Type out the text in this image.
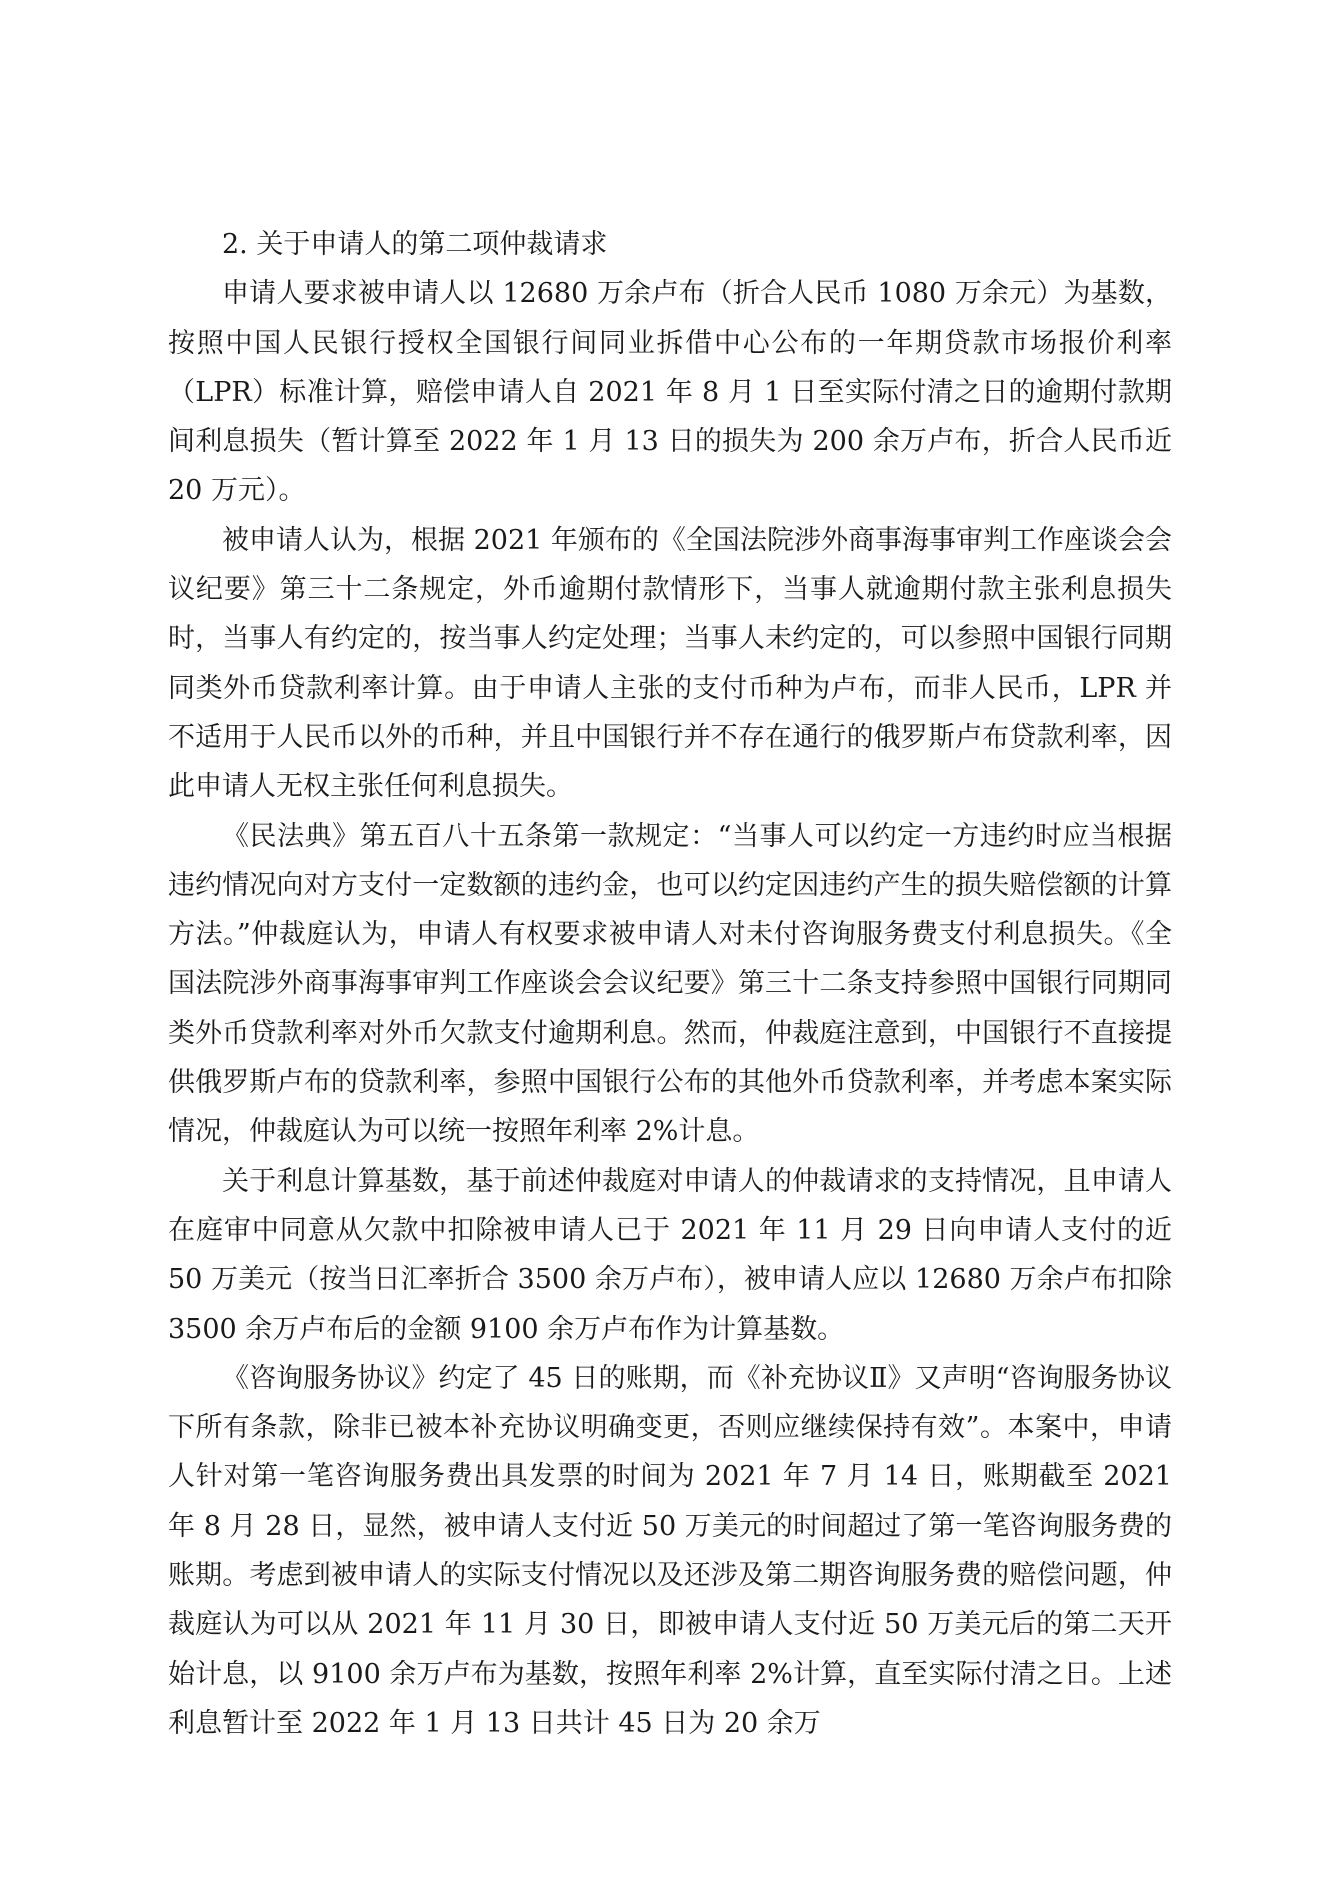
2. 关于申请人的第二项仲裁请求

申请人要求被申请人以 12680 万余卢布（折合人民币 1080 万余元）为基数，按照中国人民银行授权全国银行间同业拆借中心公布的一年期贷款市场报价利率（LPR）标准计算，赔偿申请人自 2021 年 8 月 1 日至实际付清之日的逾期付款期间利息损失（暂计算至 2022 年 1 月 13 日的损失为 200 余万卢布，折合人民币近 20 万元）。

被申请人认为，根据 2021 年颁布的《全国法院涉外商事海事审判工作座谈会会议纪要》第三十二条规定，外币逾期付款情形下，当事人就逾期付款主张利息损失时，当事人有约定的，按当事人约定处理；当事人未约定的，可以参照中国银行同期同类外币贷款利率计算。由于申请人主张的支付币种为卢布，而非人民币，LPR 并不适用于人民币以外的币种，并且中国银行并不存在通行的俄罗斯卢布贷款利率，因此申请人无权主张任何利息损失。

《民法典》第五百八十五条第一款规定：“当事人可以约定一方违约时应当根据违约情况向对方支付一定数额的违约金，也可以约定因违约产生的损失赔偿额的计算方法。”仲裁庭认为，申请人有权要求被申请人对未付咨询服务费支付利息损失。《全国法院涉外商事海事审判工作座谈会会议纪要》第三十二条支持参照中国银行同期同类外币贷款利率对外币欠款支付逾期利息。然而，仲裁庭注意到，中国银行不直接提供俄罗斯卢布的贷款利率，参照中国银行公布的其他外币贷款利率，并考虑本案实际情况，仲裁庭认为可以统一按照年利率 2%计息。

关于利息计算基数，基于前述仲裁庭对申请人的仲裁请求的支持情况，且申请人在庭审中同意从欠款中扣除被申请人已于 2021 年 11 月 29 日向申请人支付的近 50 万美元（按当日汇率折合 3500 余万卢布），被申请人应以 12680 万余卢布扣除 3500 余万卢布后的金额 9100 余万卢布作为计算基数。

《咨询服务协议》约定了 45 日的账期，而《补充协议Ⅱ》又声明“咨询服务协议下所有条款，除非已被本补充协议明确变更，否则应继续保持有效”。本案中，申请人针对第一笔咨询服务费出具发票的时间为 2021 年 7 月 14 日，账期截至 2021 年 8 月 28 日，显然，被申请人支付近 50 万美元的时间超过了第一笔咨询服务费的账期。考虑到被申请人的实际支付情况以及还涉及第二期咨询服务费的赔偿问题，仲裁庭认为可以从 2021 年 11 月 30 日，即被申请人支付近 50 万美元后的第二天开始计息，以 9100 余万卢布为基数，按照年利率 2%计算，直至实际付清之日。上述利息暂计至 2022 年 1 月 13 日共计 45 日为 20 余万
